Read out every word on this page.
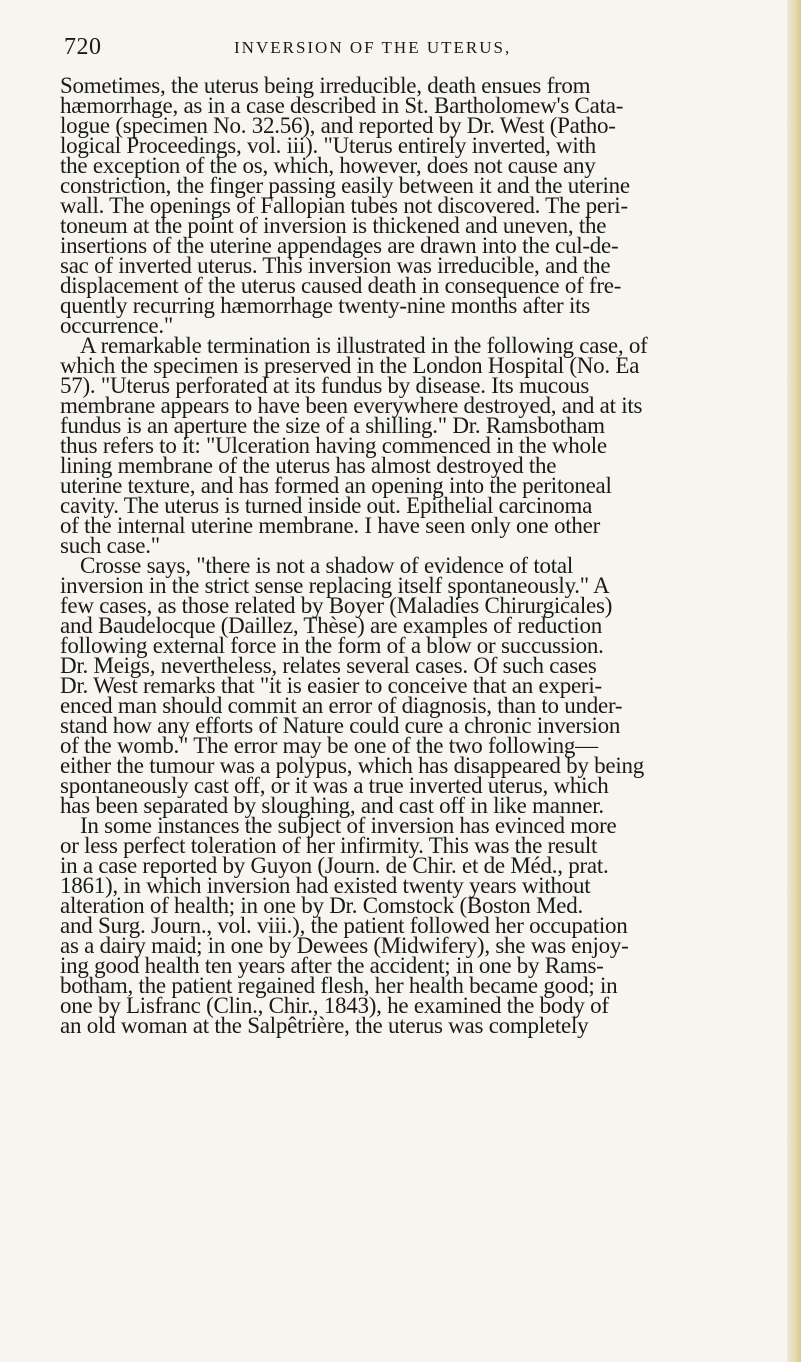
720	INVERSION OF THE UTERUS,
Sometimes, the uterus being irreducible, death ensues from
hæmorrhage, as in a case described in St. Bartholomew's Cata-
logue (specimen No. 32.56), and reported by Dr. West (Patho-
logical Proceedings, vol. iii). "Uterus entirely inverted, with
the exception of the os, which, however, does not cause any
constriction, the finger passing easily between it and the uterine
wall. The openings of Fallopian tubes not discovered. The peri-
toneum at the point of inversion is thickened and uneven, the
insertions of the uterine appendages are drawn into the cul-de-
sac of inverted uterus. This inversion was irreducible, and the
displacement of the uterus caused death in consequence of fre-
quently recurring hæmorrhage twenty-nine months after its
occurrence."
A remarkable termination is illustrated in the following case, of
which the specimen is preserved in the London Hospital (No. Ea
57). "Uterus perforated at its fundus by disease. Its mucous
membrane appears to have been everywhere destroyed, and at its
fundus is an aperture the size of a shilling." Dr. Ramsbotham
thus refers to it: "Ulceration having commenced in the whole
lining membrane of the uterus has almost destroyed the
uterine texture, and has formed an opening into the peritoneal
cavity. The uterus is turned inside out. Epithelial carcinoma
of the internal uterine membrane. I have seen only one other
such case."
Crosse says, "there is not a shadow of evidence of total
inversion in the strict sense replacing itself spontaneously." A
few cases, as those related by Boyer (Maladies Chirurgicales)
and Baudelocque (Daillez, Thèse) are examples of reduction
following external force in the form of a blow or succussion.
Dr. Meigs, nevertheless, relates several cases. Of such cases
Dr. West remarks that "it is easier to conceive that an experi-
enced man should commit an error of diagnosis, than to under-
stand how any efforts of Nature could cure a chronic inversion
of the womb." The error may be one of the two following—
either the tumour was a polypus, which has disappeared by being
spontaneously cast off, or it was a true inverted uterus, which
has been separated by sloughing, and cast off in like manner.
In some instances the subject of inversion has evinced more
or less perfect toleration of her infirmity. This was the result
in a case reported by Guyon (Journ. de Chir. et de Méd., prat.
1861), in which inversion had existed twenty years without
alteration of health; in one by Dr. Comstock (Boston Med.
and Surg. Journ., vol. viii.), the patient followed her occupation
as a dairy maid; in one by Dewees (Midwifery), she was enjoy-
ing good health ten years after the accident; in one by Rams-
botham, the patient regained flesh, her health became good; in
one by Lisfranc (Clin., Chir., 1843), he examined the body of
an old woman at the Salpêtrière, the uterus was completely
